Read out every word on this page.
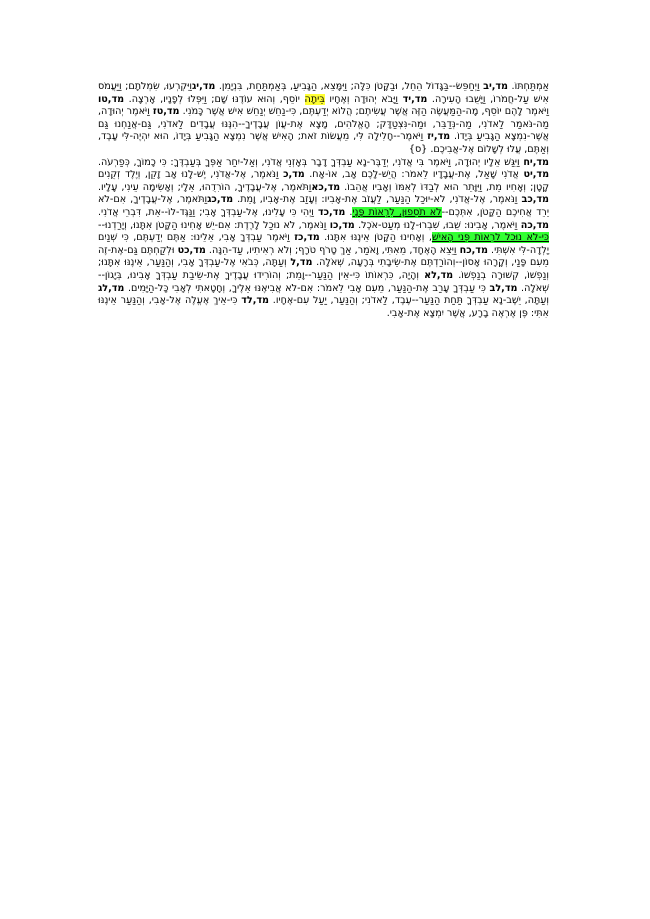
אַמְתַּחְתּוֹ. מד,יב וַיְחַפֵּשׂ--בַּגָּדוֹל הֵחֵל, וּבַקָּטֹן כִּלָּה; וַיִּמָּצֵא, הַגָּבִיעַ, בְּאַמְתַּחַת, בִּנְיָמִן. מד,יגוַיִּקְרְעוּ, שִׂמְלֹתָם; וַיַּעֲמֹס אִישׁ עַל-חֲמֹרוֹ, וַיָּשֻׁבוּ הָעִירָה. מד,יד וַיָּבֹא יְהוּדָה וְאֶחָיו בֵּיתָה יוֹסֵף, וְהוּא עוֹדֶנּוּ שָׁם; וַיִּפְּלוּ לְפָנָיו, אָרְצָה. מד,טו וַיֹּאמֶר לָהֶם יוֹסֵף, מָה-הַמַּעֲשֶׂה הַזֶּה אֲשֶׁר עֲשִׂיתֶם; הֲלוֹא יְדַעְתֶּם, כִּי-נַחֵשׁ יְנַחֵשׁ אִישׁ אֲשֶׁר כָּמֹנִי. מד,טז וַיֹּאמֶר יְהוּדָה, מַה-נֹּאמַר לַאדֹנִי, מַה-נְּדַבֵּר, וּמַה-נִּצְטַדָּק; הָאֱלֹהִים, מָצָא אֶת-עֲוֹן עֲבָדֶיךָ--הִנֶּנּוּ עֲבָדִים לַאדֹנִי, גַּם-אֲנַחְנוּ גַּם אֲשֶׁר-נִמְצָא הַגָּבִיעַ בְּיָדוֹ. מד,יז וַיֹּאמֶר--חָלִילָה לִּי, מֵעֲשׂוֹת זֹאת; הָאִישׁ אֲשֶׁר נִמְצָא הַגָּבִיעַ בְּיָדוֹ, הוּא יִהְיֶה-לִּי עָבֶד, וְאַתֶּם, עֲלוּ לְשָׁלוֹם אֶל-אֲבִיכֶם. {ס}

מד,יח וַיִּגַּשׁ אֵלָיו יְהוּדָה, וַיֹּאמֶר בִּי אֲדֹנִי, יְדַבֶּר-נָא עַבְדְּךָ דָבָר בְּאָזְנֵי אֲדֹנִי, וְאַל-יִחַר אַפְּךָ בְּעַבְדֶּךָ: כִּי כָמוֹךָ, כְּפַרְעֹה. מד,יט אֲדֹנִי שָׁאַל, אֶת-עֲבָדָיו לֵאמֹר: הֲיֵשׁ-לָכֶם אָב, אוֹ-אָח. מד,כ וַנֹּאמֶר, אֶל-אֲדֹנִי, יֶשׁ-לָנוּ אָב זָקֵן, וְיֶלֶד זְקֻנִים קָטָן; וְאָחִיו מֵת, וַיִּוָּתֵר הוּא לְבַדּוֹ לְאִמּוֹ וְאָבִיו אֲהֵבוֹ. מד,כאוַתֹּאמֶר, אֶל-עֲבָדֶיךָ, הוֹרִדֻהוּ, אֵלָי; וְאָשִׂימָה עֵינִי, עָלָיו. מד,כב וַנֹּאמֶר, אֶל-אֲדֹנִי, לֹא-יוּכַל הַנַּעַר, לַעֲזֹב אֶת-אָבִיו: וְעָזַב אֶת-אָבִיו, וָמֵת. מד,כגוַתֹּאמֶר, אֶל-עֲבָדֶיךָ, אִם-לֹא יֵרֵד אֲחִיכֶם הַקָּטֹן, אִתְּכֶם--לֹא תֹסִפוּן, לִרְאוֹת פָּנָי. מד,כד וַיְהִי כִּי עָלִינוּ, אֶל-עַבְדְּךָ אָבִי; וַנַּגֶּד-לוֹ--אֵת, דִּבְרֵי אֲדֹנִי. מד,כה וַיֹּאמֶר, אָבִינוּ: שֻׁבוּ, שִׁבְרוּ-לָנוּ מְעַט-אֹכֶל. מד,כו וַנֹּאמֶר, לֹא נוּכַל לָרֶדֶת: אִם-יֵשׁ אָחִינוּ הַקָּטֹן אִתָּנוּ, וְיָרַדְנוּ--כִּי-לֹא נוּכַל לִרְאוֹת פְּנֵי הָאִישׁ, וְאָחִינוּ הַקָּטֹן אֵינֶנּוּ אִתָּנוּ. מד,כז וַיֹּאמֶר עַבְדְּךָ אָבִי, אֵלֵינוּ: אַתֶּם יְדַעְתֶּם, כִּי שְׁנַיִם יָלְדָה-לִּי אִשְׁתִּי. מד,כח וַיֵּצֵא הָאֶחָד, מֵאִתִּי, וָאֹמַר, אַךְ טָרֹף טֹרָף; וְלֹא רְאִיתִיו, עַד-הֵנָּה. מד,כט וּלְקַחְתֶּם גַּם-אֶת-זֶה מֵעִם פָּנַי, וְקָרָהוּ אָסוֹן--וְהוֹרַדְתֶּם אֶת-שֵׂיבָתִי בְּרָעָה, שְׁאֹלָה. מד,ל וְעַתָּה, כְּבֹאִי אֶל-עַבְדְּךָ אָבִי, וְהַנַּעַר, אֵינֶנּוּ אִתָּנוּ; וְנַפְשׁוֹ, קְשׁוּרָה בְנַפְשׁוֹ. מד,לא וְהָיָה, כִּרְאוֹתוֹ כִּי-אֵין הַנַּעַר--וָמֵת; וְהוֹרִידוּ עֲבָדֶיךָ אֶת-שֵׂיבַת עַבְדְּךָ אָבִינוּ, בְּיָגוֹן--שְׁאֹלָה. מד,לב כִּי עַבְדְּךָ עָרַב אֶת-הַנַּעַר, מֵעִם אָבִי לֵאמֹר: אִם-לֹא אֲבִיאֶנּוּ אֵלֶיךָ, וְחָטָאתִי לְאָבִי כָּל-הַיָּמִים. מד,לג וְעַתָּה, יֵשֶׁב-נָא עַבְדְּךָ תַּחַת הַנַּעַר--עֶבֶד, לַאדֹנִי; וְהַנַּעַר, יַעַל עִם-אֶחָיו. מד,לד כִּי-אֵיךְ אֶעֱלֶה אֶל-אָבִי, וְהַנַּעַר אֵינֶנּוּ אִתִּי: פֶּן אֶרְאֶה בָרָע, אֲשֶׁר יִמְצָא אֶת-אָבִי.
